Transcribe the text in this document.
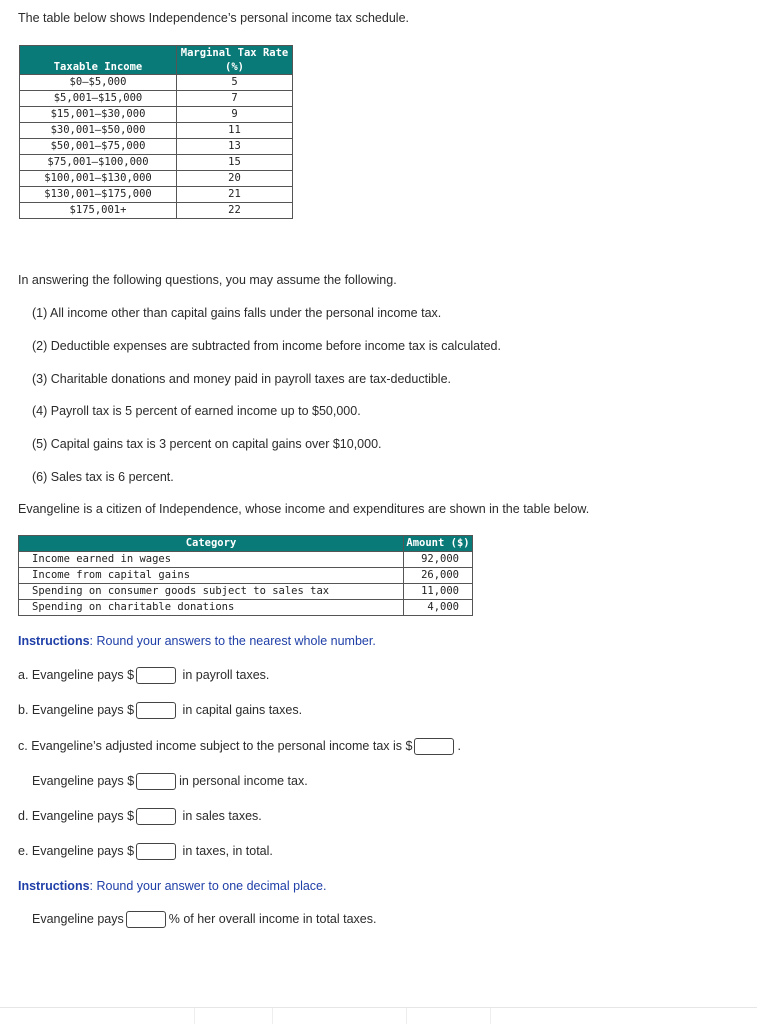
The table below shows Independence’s personal income tax schedule.

Taxable Income	Marginal Tax Rate (%)
$0–$5,000	5
$5,001–$15,000	7
$15,001–$30,000	9
$30,001–$50,000	11
$50,001–$75,000	13
$75,001–$100,000	15
$100,001–$130,000	20
$130,001–$175,000	21
$175,001+	22

In answering the following questions, you may assume the following.

(1) All income other than capital gains falls under the personal income tax.

(2) Deductible expenses are subtracted from income before income tax is calculated.

(3) Charitable donations and money paid in payroll taxes are tax-deductible.

(4) Payroll tax is 5 percent of earned income up to $50,000.

(5) Capital gains tax is 3 percent on capital gains over $10,000.

(6) Sales tax is 6 percent.

Evangeline is a citizen of Independence, whose income and expenditures are shown in the table below.

Category	Amount ($)
Income earned in wages	92,000
Income from capital gains	26,000
Spending on consumer goods subject to sales tax	11,000
Spending on charitable donations	4,000

Instructions: Round your answers to the nearest whole number.

a. Evangeline pays $	in payroll taxes.

b. Evangeline pays $	in capital gains taxes.

c. Evangeline’s adjusted income subject to the personal income tax is $	.

Evangeline pays $	in personal income tax.

d. Evangeline pays $	in sales taxes.

e. Evangeline pays $	in taxes, in total.

Instructions: Round your answer to one decimal place.

Evangeline pays	% of her overall income in total taxes.
